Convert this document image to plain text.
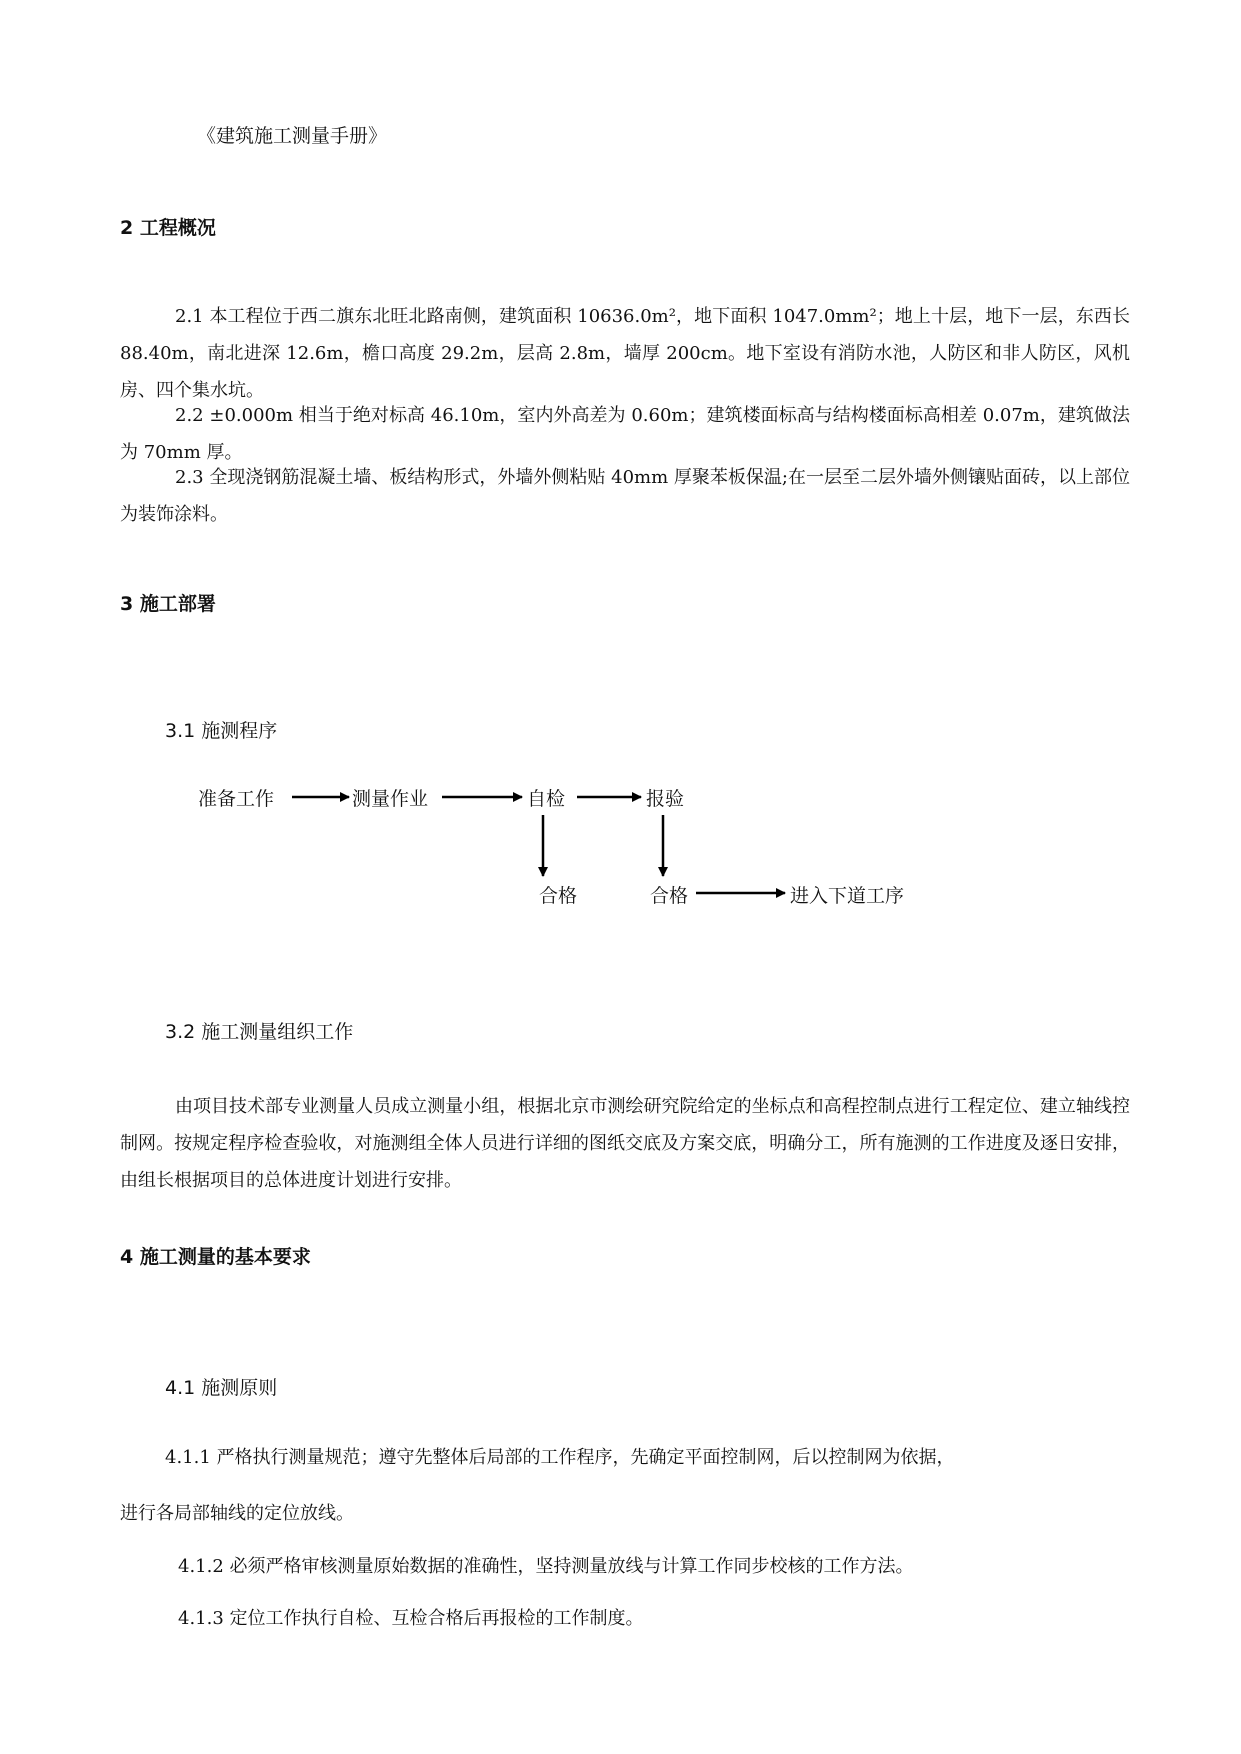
《建筑施工测量手册》
2 工程概况
2.1 本工程位于西二旗东北旺北路南侧，建筑面积 10636.0m²，地下面积 1047.0mm²；地上十层，地下一层，东西长 88.40m，南北进深 12.6m，檐口高度 29.2m，层高 2.8m，墙厚 200cm。地下室设有消防水池，人防区和非人防区，风机房、四个集水坑。
2.2 ±0.000m 相当于绝对标高 46.10m，室内外高差为 0.60m；建筑楼面标高与结构楼面标高相差 0.07m，建筑做法为 70mm 厚。
2.3 全现浇钢筋混凝土墙、板结构形式，外墙外侧粘贴 40mm 厚聚苯板保温;在一层至二层外墙外侧镶贴面砖，以上部位为装饰涂料。
3 施工部署
3.1 施测程序
准备工作	测量作业	自检	报验
合格	合格	进入下道工序
3.2 施工测量组织工作
由项目技术部专业测量人员成立测量小组，根据北京市测绘研究院给定的坐标点和高程控制点进行工程定位、建立轴线控制网。按规定程序检查验收，对施测组全体人员进行详细的图纸交底及方案交底，明确分工，所有施测的工作进度及逐日安排，由组长根据项目的总体进度计划进行安排。
4 施工测量的基本要求
4.1 施测原则
4.1.1 严格执行测量规范；遵守先整体后局部的工作程序，先确定平面控制网，后以控制网为依据，
进行各局部轴线的定位放线。
4.1.2 必须严格审核测量原始数据的准确性，坚持测量放线与计算工作同步校核的工作方法。
4.1.3 定位工作执行自检、互检合格后再报检的工作制度。
